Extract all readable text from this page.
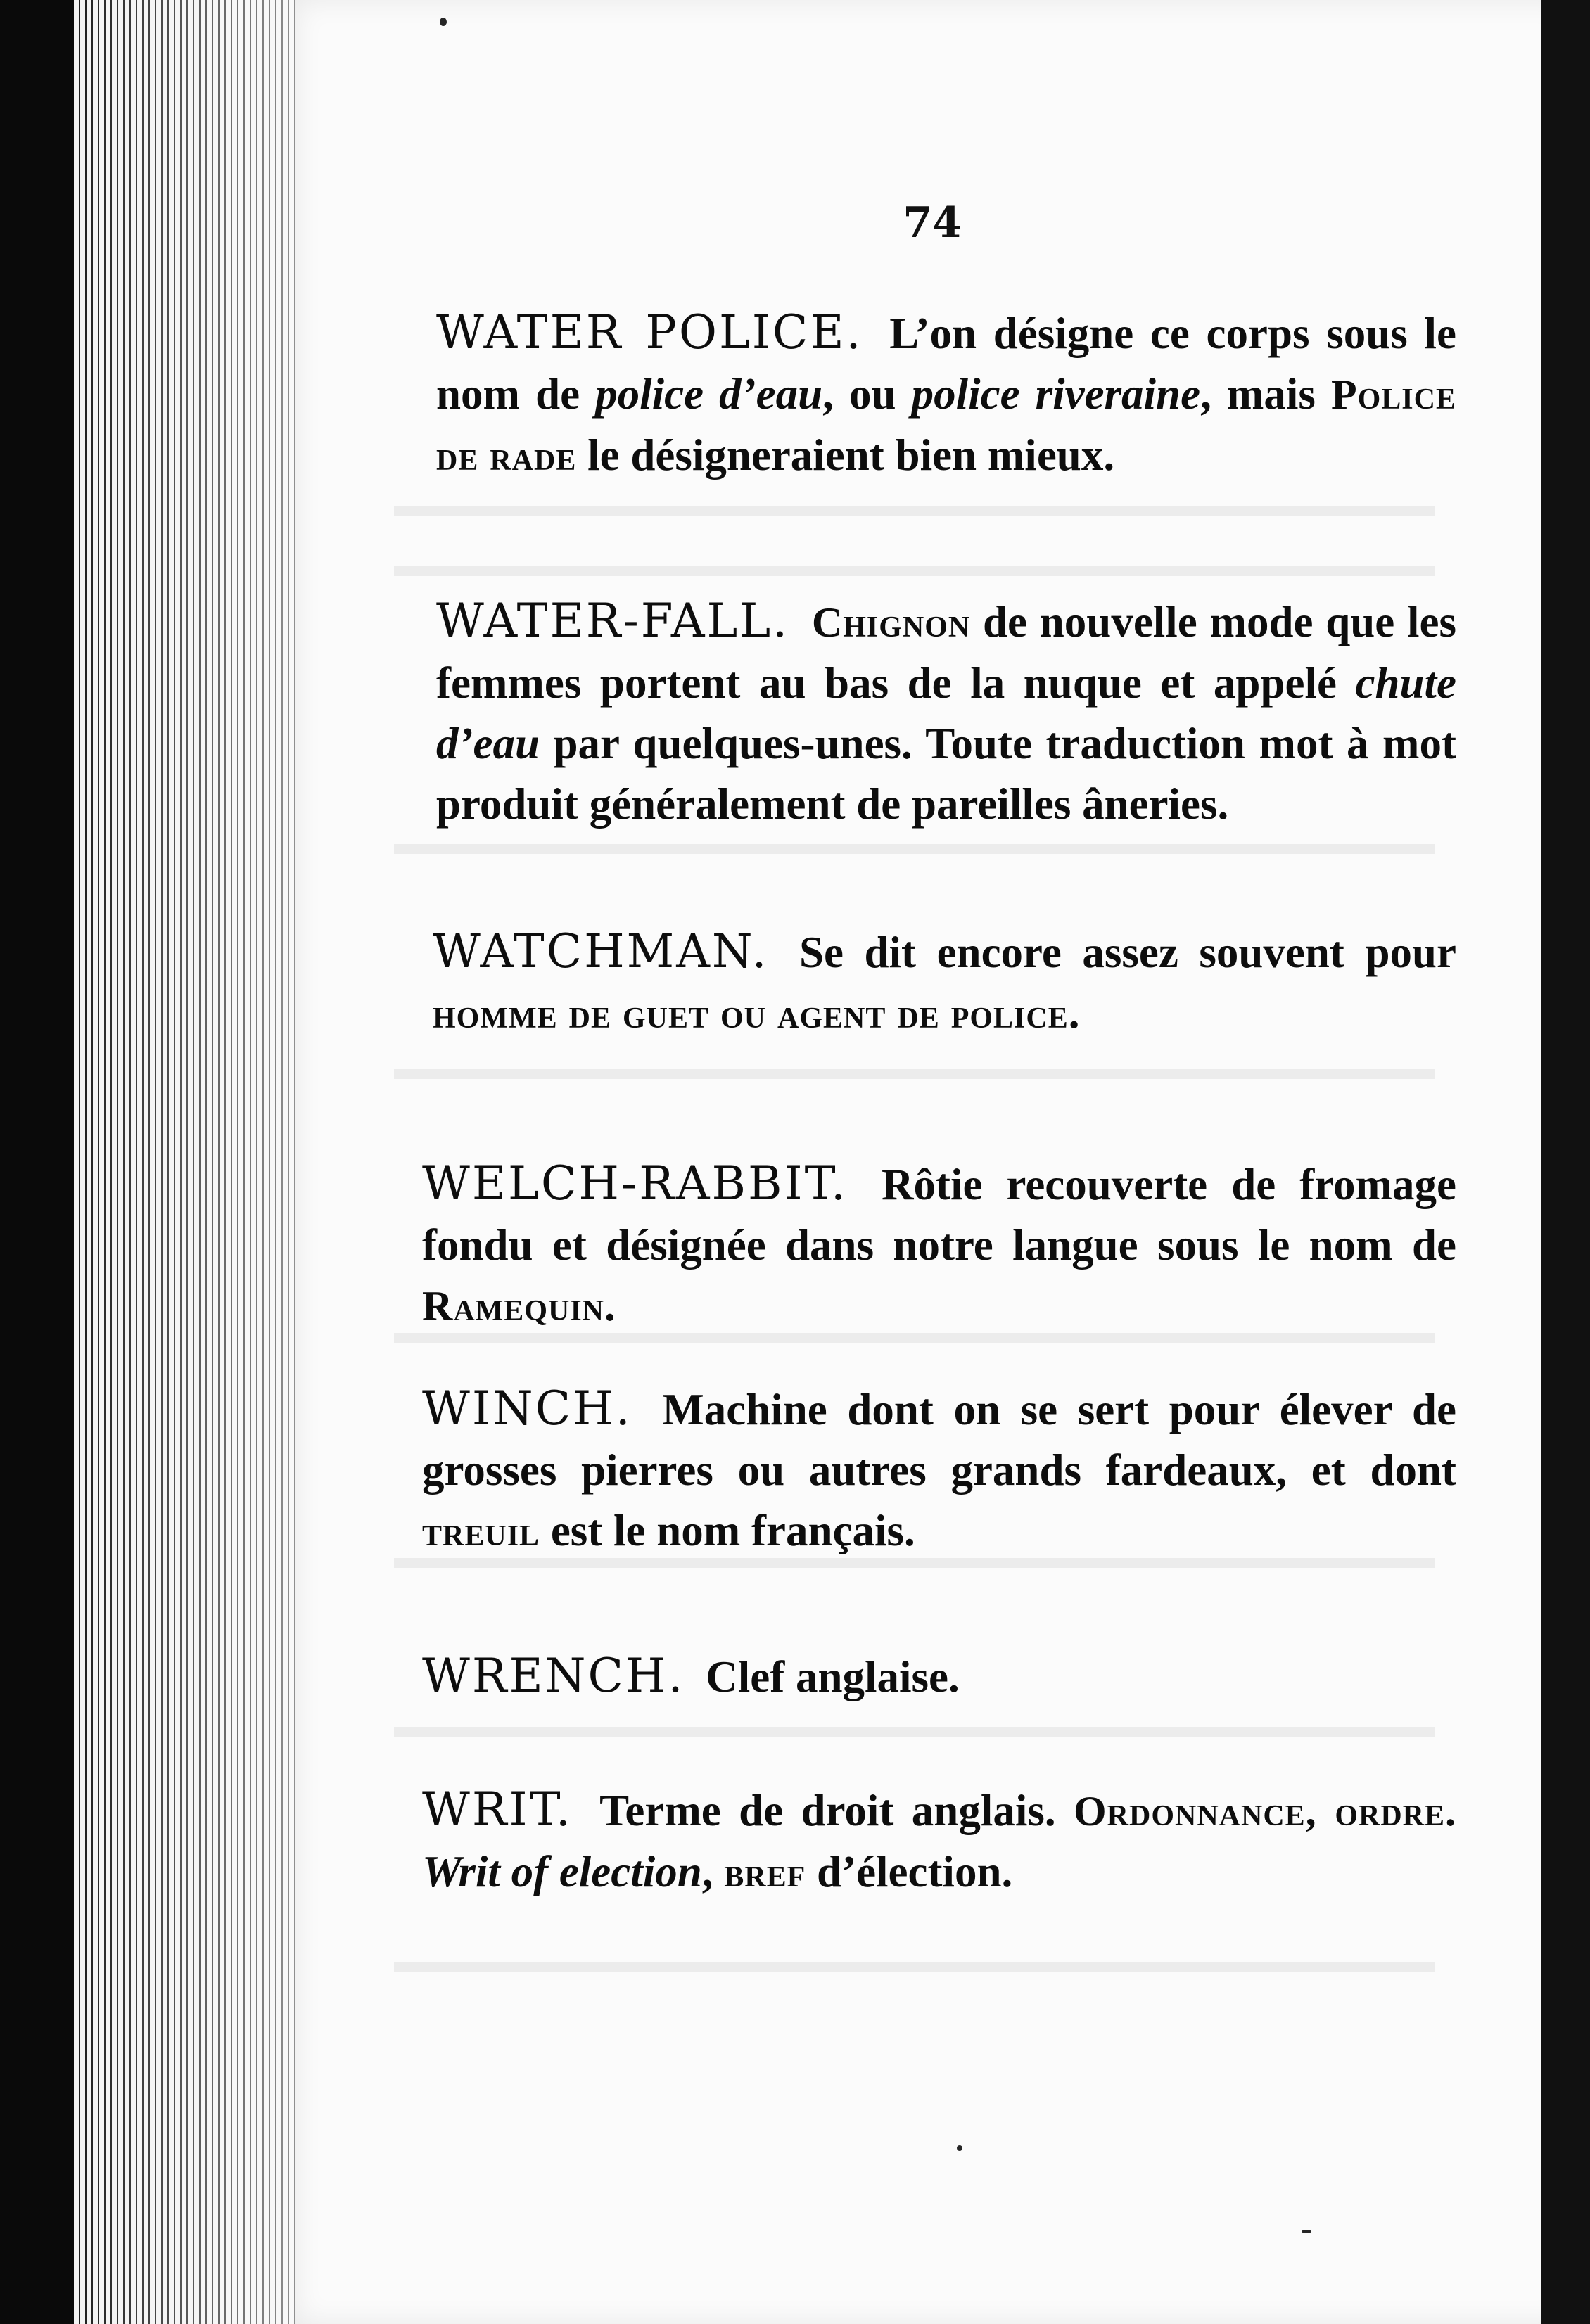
74
WATER POLICE. L’on désigne ce corps sous le nom de police d’eau, ou police riveraine, mais Police de rade le désigneraient bien mieux.
WATER-FALL. Chignon de nouvelle mode que les femmes portent au bas de la nuque et appelé chute d’eau par quelques-unes. Toute traduction mot à mot produit généralement de pareilles âneries.
WATCHMAN. Se dit encore assez souvent pour homme de guet ou agent de police.
WELCH-RABBIT. Rôtie recouverte de fromage fondu et désignée dans notre langue sous le nom de Ramequin.
WINCH. Machine dont on se sert pour élever de grosses pierres ou autres grands fardeaux, et dont treuil est le nom français.
WRENCH. Clef anglaise.
WRIT. Terme de droit anglais. Ordonnance, ordre. Writ of election, bref d’élection.
